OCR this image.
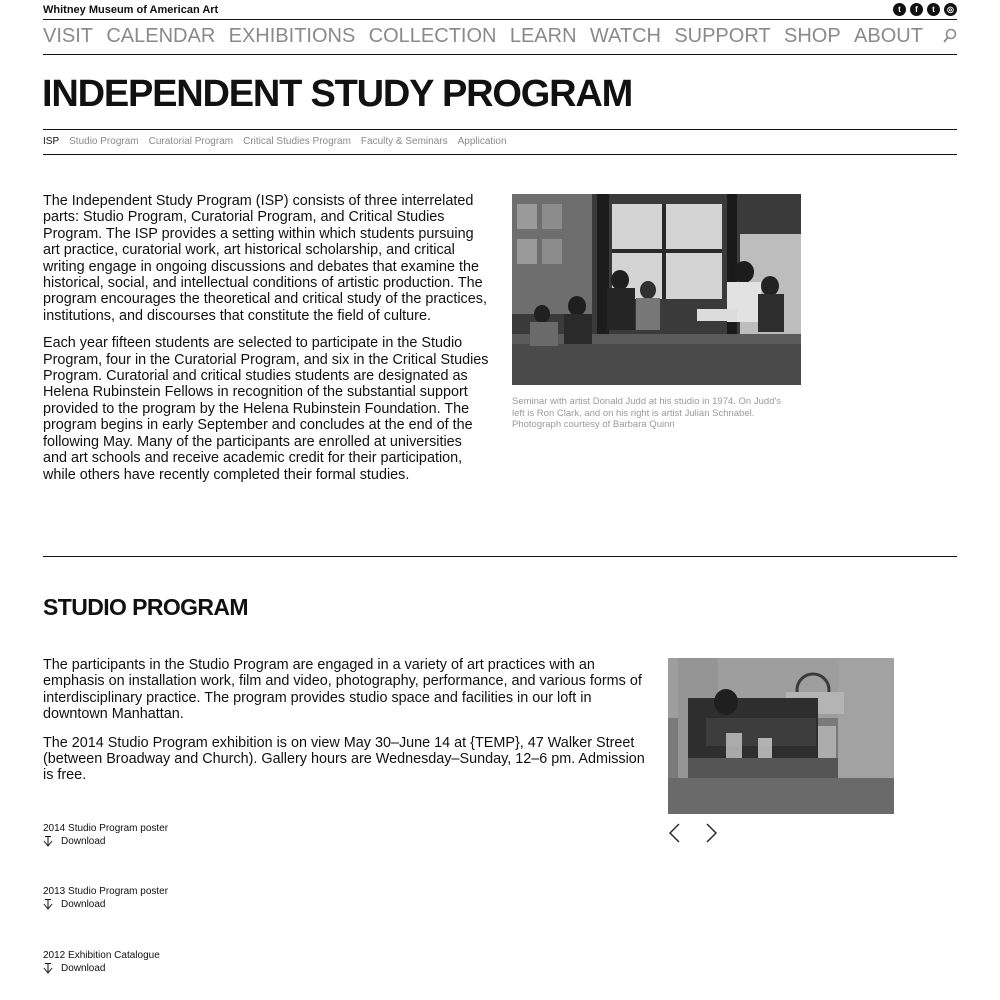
Whitney Museum of American Art	t	f	t	◎
VISIT CALENDAR EXHIBITIONS COLLECTION LEARN WATCH SUPPORT SHOP ABOUT
INDEPENDENT STUDY PROGRAM
ISP Studio Program Curatorial Program Critical Studies Program Faculty & Seminars Application

The Independent Study Program (ISP) consists of three interrelated parts: Studio Program, Curatorial Program, and Critical Studies Program. The ISP provides a setting within which students pursuing art practice, curatorial work, art historical scholarship, and critical writing engage in ongoing discussions and debates that examine the historical, social, and intellectual conditions of artistic production. The program encourages the theoretical and critical study of the practices, institutions, and discourses that constitute the field of culture.

Each year fifteen students are selected to participate in the Studio Program, four in the Curatorial Program, and six in the Critical Studies Program. Curatorial and critical studies students are designated as Helena Rubinstein Fellows in recognition of the substantial support provided to the program by the Helena Rubinstein Foundation. The program begins in early September and concludes at the end of the following May. Many of the participants are enrolled at universities and art schools and receive academic credit for their participation, while others have recently completed their formal studies.

Seminar with artist Donald Judd at his studio in 1974. On Judd's left is Ron Clark, and on his right is artist Julian Schnabel. Photograph courtesy of Barbara Quinn
STUDIO PROGRAM

The participants in the Studio Program are engaged in a variety of art practices with an emphasis on installation work, film and video, photography, performance, and various forms of interdisciplinary practice. The program provides studio space and facilities in our loft in downtown Manhattan.

The 2014 Studio Program exhibition is on view May 30–June 14 at {TEMP}, 47 Walker Street (between Broadway and Church). Gallery hours are Wednesday–Sunday, 12–6 pm. Admission is free.

2014 Studio Program poster
Download
2013 Studio Program poster
Download
2012 Exhibition Catalogue
Download
